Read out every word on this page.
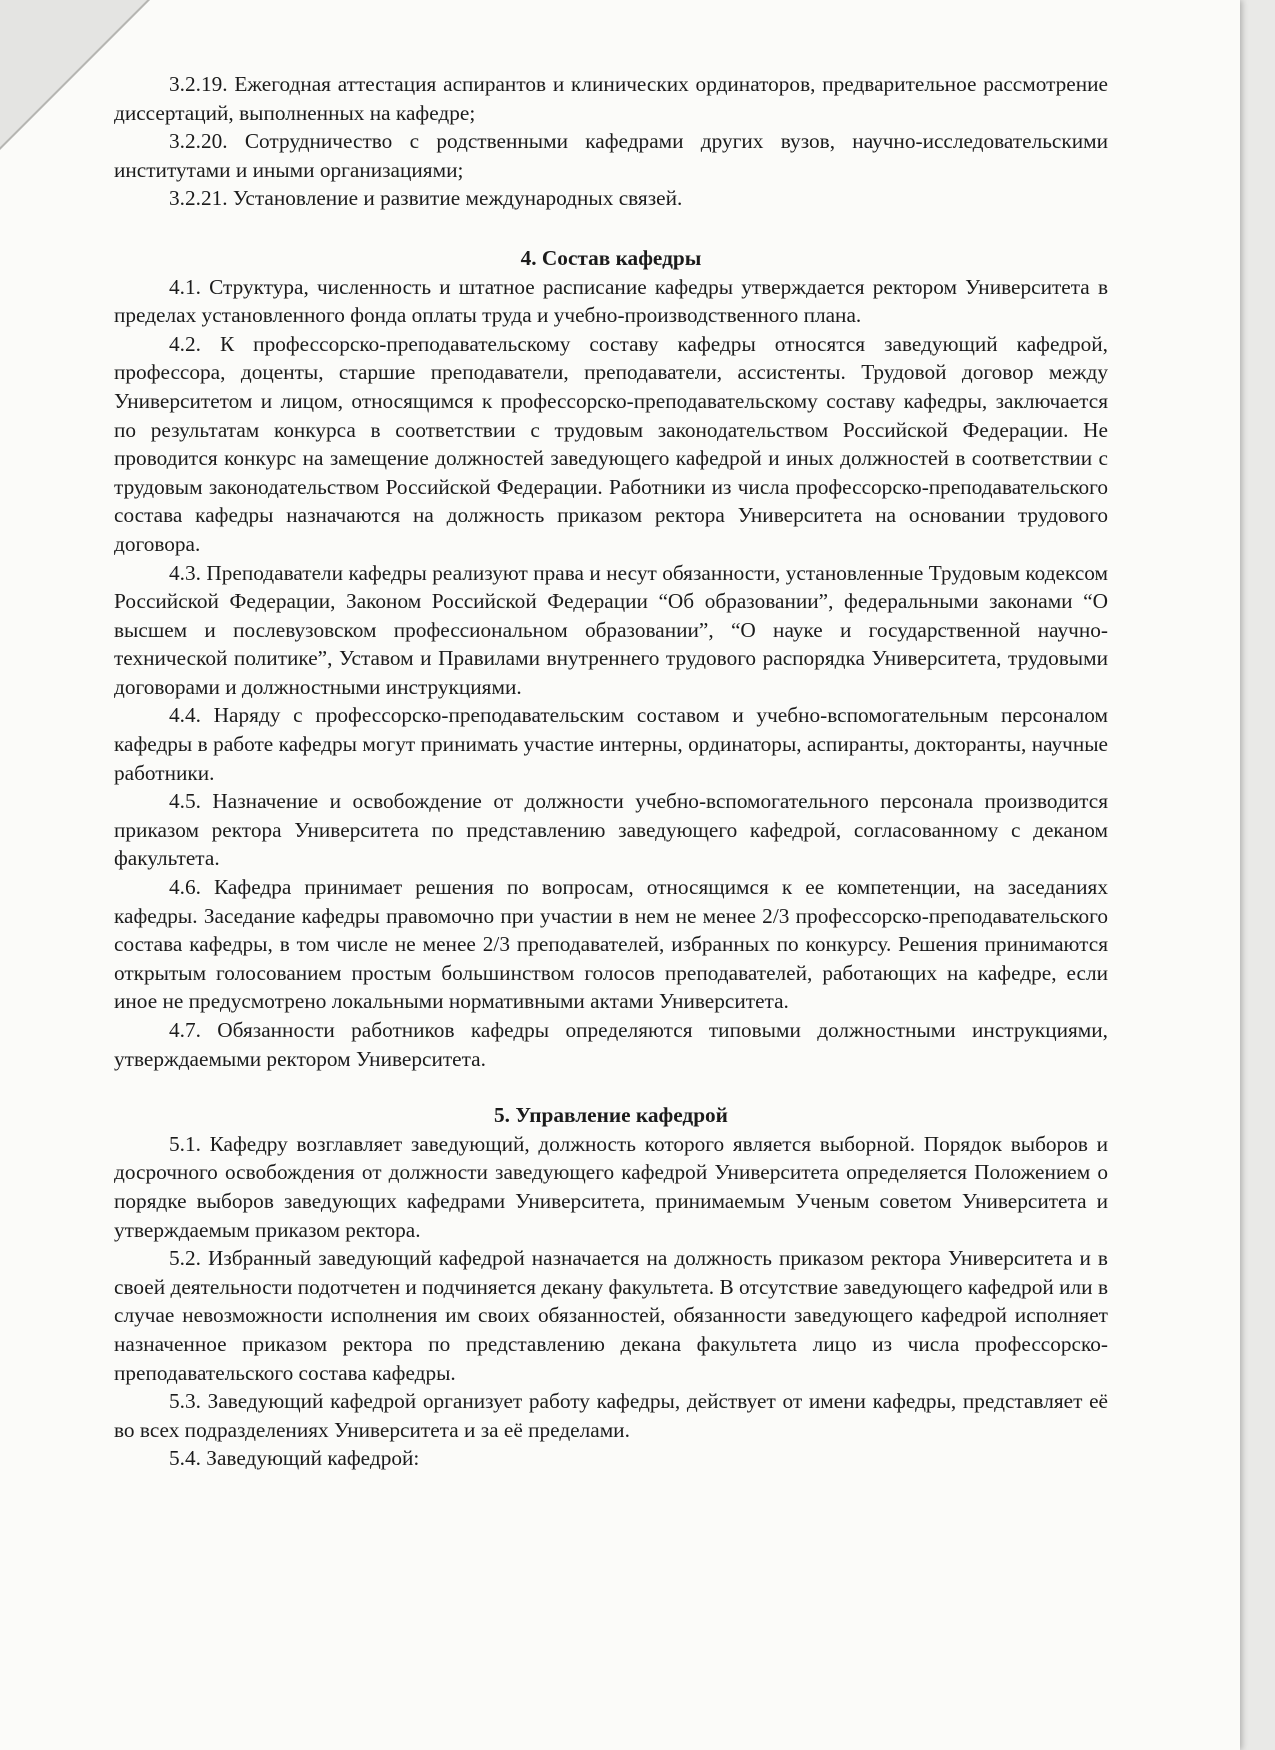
3.2.19. Ежегодная аттестация аспирантов и клинических ординаторов, предварительное рассмотрение диссертаций, выполненных на кафедре;

3.2.20. Сотрудничество с родственными кафедрами других вузов, научно-исследовательскими институтами и иными организациями;

3.2.21. Установление и развитие международных связей.

4. Состав кафедры

4.1. Структура, численность и штатное расписание кафедры утверждается ректором Университета в пределах установленного фонда оплаты труда и учебно-производственного плана.

4.2. К профессорско-преподавательскому составу кафедры относятся заведующий кафедрой, профессора, доценты, старшие преподаватели, преподаватели, ассистенты. Трудовой договор между Университетом и лицом, относящимся к профессорско-преподавательскому составу кафедры, заключается по результатам конкурса в соответствии с трудовым законодательством Российской Федерации. Не проводится конкурс на замещение должностей заведующего кафедрой и иных должностей в соответствии с трудовым законодательством Российской Федерации. Работники из числа профессорско-преподавательского состава кафедры назначаются на должность приказом ректора Университета на основании трудового договора.

4.3. Преподаватели кафедры реализуют права и несут обязанности, установленные Трудовым кодексом Российской Федерации, Законом Российской Федерации “Об образовании”, федеральными законами “О высшем и послевузовском профессиональном образовании”, “О науке и государственной научно-технической политике”, Уставом и Правилами внутреннего трудового распорядка Университета, трудовыми договорами и должностными инструкциями.

4.4. Наряду с профессорско-преподавательским составом и учебно-вспомогательным персоналом кафедры в работе кафедры могут принимать участие интерны, ординаторы, аспиранты, докторанты, научные работники.

4.5. Назначение и освобождение от должности учебно-вспомогательного персонала производится приказом ректора Университета по представлению заведующего кафедрой, согласованному с деканом факультета.

4.6. Кафедра принимает решения по вопросам, относящимся к ее компетенции, на заседаниях кафедры. Заседание кафедры правомочно при участии в нем не менее 2/3 профессорско-преподавательского состава кафедры, в том числе не менее 2/3 преподавателей, избранных по конкурсу. Решения принимаются открытым голосованием простым большинством голосов преподавателей, работающих на кафедре, если иное не предусмотрено локальными нормативными актами Университета.

4.7. Обязанности работников кафедры определяются типовыми должностными инструкциями, утверждаемыми ректором Университета.

5. Управление кафедрой

5.1. Кафедру возглавляет заведующий, должность которого является выборной. Порядок выборов и досрочного освобождения от должности заведующего кафедрой Университета определяется Положением о порядке выборов заведующих кафедрами Университета, принимаемым Ученым советом Университета и утверждаемым приказом ректора.

5.2. Избранный заведующий кафедрой назначается на должность приказом ректора Университета и в своей деятельности подотчетен и подчиняется декану факультета. В отсутствие заведующего кафедрой или в случае невозможности исполнения им своих обязанностей, обязанности заведующего кафедрой исполняет назначенное приказом ректора по представлению декана факультета лицо из числа профессорско-преподавательского состава кафедры.

5.3. Заведующий кафедрой организует работу кафедры, действует от имени кафедры, представляет её во всех подразделениях Университета и за её пределами.

5.4. Заведующий кафедрой:
